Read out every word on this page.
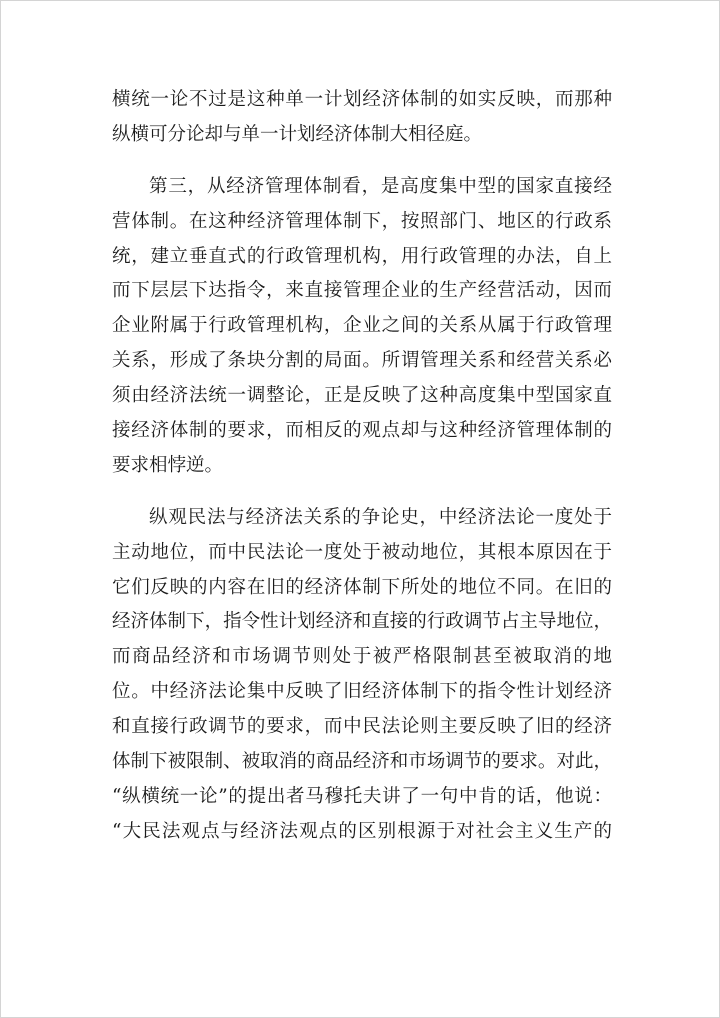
横统一论不过是这种单一计划经济体制的如实反映，而那种
纵横可分论却与单一计划经济体制大相径庭。
第三，从经济管理体制看，是高度集中型的国家直接经
营体制。在这种经济管理体制下，按照部门、地区的行政系
统，建立垂直式的行政管理机构，用行政管理的办法，自上
而下层层下达指令，来直接管理企业的生产经营活动，因而
企业附属于行政管理机构，企业之间的关系从属于行政管理
关系，形成了条块分割的局面。所谓管理关系和经营关系必
须由经济法统一调整论，正是反映了这种高度集中型国家直
接经济体制的要求，而相反的观点却与这种经济管理体制的
要求相悖逆。
纵观民法与经济法关系的争论史，中经济法论一度处于
主动地位，而中民法论一度处于被动地位，其根本原因在于
它们反映的内容在旧的经济体制下所处的地位不同。在旧的
经济体制下，指令性计划经济和直接的行政调节占主导地位，
而商品经济和市场调节则处于被严格限制甚至被取消的地
位。中经济法论集中反映了旧经济体制下的指令性计划经济
和直接行政调节的要求，而中民法论则主要反映了旧的经济
体制下被限制、被取消的商品经济和市场调节的要求。对此，
“纵横统一论”的提出者马穆托夫讲了一句中肯的话，他说：
“大民法观点与经济法观点的区别根源于对社会主义生产的
